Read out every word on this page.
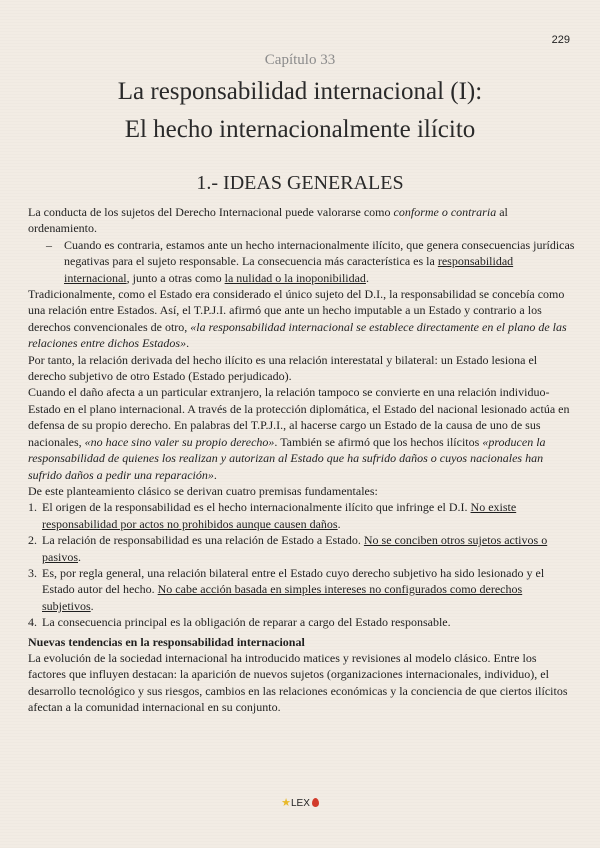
229
Capítulo 33
La responsabilidad internacional (I):
El hecho internacionalmente ilícito
1.- IDEAS GENERALES

La conducta de los sujetos del Derecho Internacional puede valorarse como conforme o contraria al ordenamiento.

– Cuando es contraria, estamos ante un hecho internacionalmente ilícito, que genera consecuencias jurídicas negativas para el sujeto responsable. La consecuencia más característica es la responsabilidad internacional, junto a otras como la nulidad o la inoponibilidad.

Tradicionalmente, como el Estado era considerado el único sujeto del D.I., la responsabilidad se concebía como una relación entre Estados. Así, el T.P.J.I. afirmó que ante un hecho imputable a un Estado y contrario a los derechos convencionales de otro, «la responsabilidad internacional se establece directamente en el plano de las relaciones entre dichos Estados».

Por tanto, la relación derivada del hecho ilícito es una relación interestatal y bilateral: un Estado lesiona el derecho subjetivo de otro Estado (Estado perjudicado).

Cuando el daño afecta a un particular extranjero, la relación tampoco se convierte en una relación individuo-Estado en el plano internacional. A través de la protección diplomática, el Estado del nacional lesionado actúa en defensa de su propio derecho. En palabras del T.P.J.I., al hacerse cargo un Estado de la causa de uno de sus nacionales, «no hace sino valer su propio derecho». También se afirmó que los hechos ilícitos «producen la responsabilidad de quienes los realizan y autorizan al Estado que ha sufrido daños o cuyos nacionales han sufrido daños a pedir una reparación».

De este planteamiento clásico se derivan cuatro premisas fundamentales:

1. El origen de la responsabilidad es el hecho internacionalmente ilícito que infringe el D.I. No existe responsabilidad por actos no prohibidos aunque causen daños.
2. La relación de responsabilidad es una relación de Estado a Estado. No se conciben otros sujetos activos o pasivos.
3. Es, por regla general, una relación bilateral entre el Estado cuyo derecho subjetivo ha sido lesionado y el Estado autor del hecho. No cabe acción basada en simples intereses no configurados como derechos subjetivos.
4. La consecuencia principal es la obligación de reparar a cargo del Estado responsable.

Nuevas tendencias en la responsabilidad internacional

La evolución de la sociedad internacional ha introducido matices y revisiones al modelo clásico. Entre los factores que influyen destacan: la aparición de nuevos sujetos (organizaciones internacionales, individuo), el desarrollo tecnológico y sus riesgos, cambios en las relaciones económicas y la conciencia de que ciertos ilícitos afectan a la comunidad internacional en su conjunto.

★LEX
